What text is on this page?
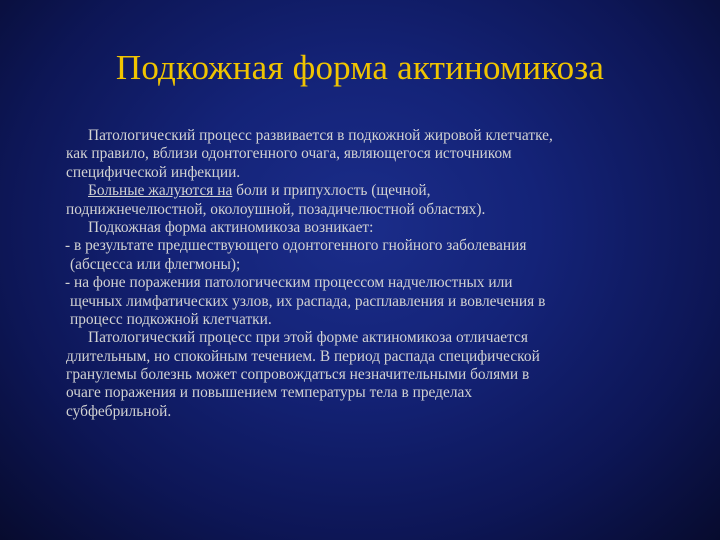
Подкожная форма актиномикоза
Патологический процесс развивается в подкожной жировой клетчатке,
как правило, вблизи одонтогенного очага, являющегося источником
специфической инфекции.
Больные жалуются на боли и припухлость (щечной,
поднижнечелюстной, околоушной, позадичелюстной областях).
Подкожная форма актиномикоза возникает:
- в результате предшествующего одонтогенного гнойного заболевания
(абсцесса или флегмоны);
- на фоне поражения патологическим процессом надчелюстных или
щечных лимфатических узлов, их распада, расплавления и вовлечения в
процесс подкожной клетчатки.
Патологический процесс при этой форме актиномикоза отличается
длительным, но спокойным течением. В период распада специфической
гранулемы болезнь может сопровождаться незначительными болями в
очаге поражения и повышением температуры тела в пределах
субфебрильной.
